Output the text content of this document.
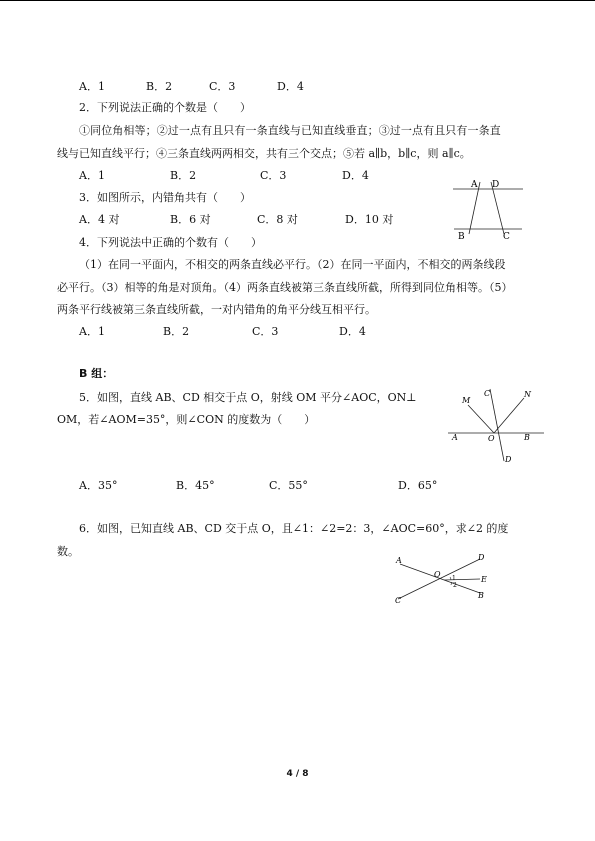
A．1	B．2	C．3	D．4
2．下列说法正确的个数是（　　）
①同位角相等；②过一点有且只有一条直线与已知直线垂直；③过一点有且只有一条直
线与已知直线平行；④三条直线两两相交，共有三个交点；⑤若 a∥b，b∥c，则 a∥c。
A．1	B．2	C．3	D．4
3．如图所示，内错角共有（　　）
A．4 对	B．6 对	C．8 对	D．10 对
A D
B	C
4．下列说法中正确的个数有（　　）
（1）在同一平面内，不相交的两条直线必平行。（2）在同一平面内，不相交的两条线段
必平行。（3）相等的角是对顶角。（4）两条直线被第三条直线所截，所得到同位角相等。（5）
两条平行线被第三条直线所截，一对内错角的角平分线互相平行。
A．1	B．2	C．3	D．4
B 组：
5．如图，直线 AB、CD 相交于点 O，射线 OM 平分∠AOC，ON⊥
OM，若∠AOM=35°，则∠CON 的度数为（　　）
M
C	N
A	O	B
D
A．35°	B．45°	C．55°	D．65°
6．如图，已知直线 AB、CD 交于点 O，且∠1：∠2=2：3，∠AOC=60°，求∠2 的度
数。
A	D
O 1
2
E
B
C
4 / 8
